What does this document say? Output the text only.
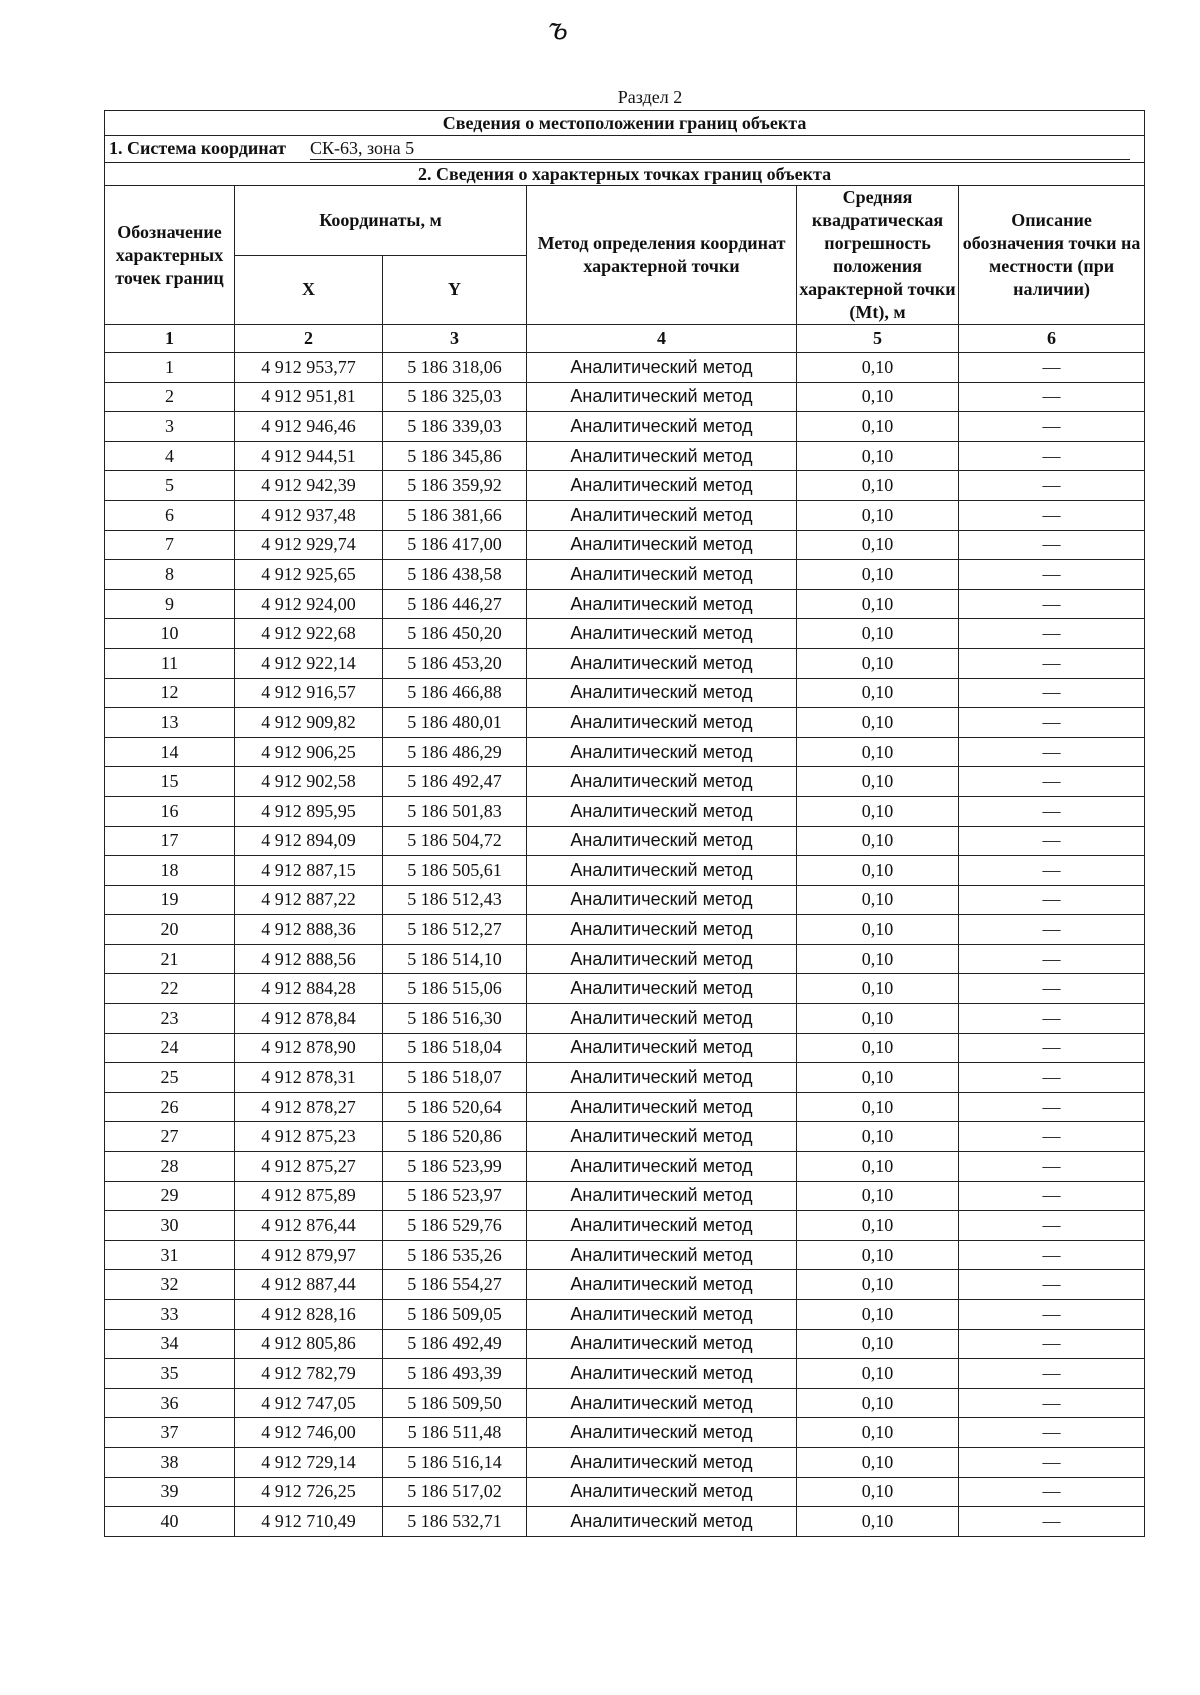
ъ
Раздел 2
Сведения о местоположении границ объекта					
1. Система координат СК-63, зона 5					
2. Сведения о характерных точках границ объекта					
Обозначение характерных точек границ	Координаты, м		Метод определения координат характерной точки	Средняя квадратическая погрешность положения характерной точки (Mt), м	Описание обозначения точки на местности (при наличии)
	X	Y			
1	2	3	4	5	6
1	4 912 953,77	5 186 318,06	Аналитический метод	0,10	—
2	4 912 951,81	5 186 325,03	Аналитический метод	0,10	—
3	4 912 946,46	5 186 339,03	Аналитический метод	0,10	—
4	4 912 944,51	5 186 345,86	Аналитический метод	0,10	—
5	4 912 942,39	5 186 359,92	Аналитический метод	0,10	—
6	4 912 937,48	5 186 381,66	Аналитический метод	0,10	—
7	4 912 929,74	5 186 417,00	Аналитический метод	0,10	—
8	4 912 925,65	5 186 438,58	Аналитический метод	0,10	—
9	4 912 924,00	5 186 446,27	Аналитический метод	0,10	—
10	4 912 922,68	5 186 450,20	Аналитический метод	0,10	—
11	4 912 922,14	5 186 453,20	Аналитический метод	0,10	—
12	4 912 916,57	5 186 466,88	Аналитический метод	0,10	—
13	4 912 909,82	5 186 480,01	Аналитический метод	0,10	—
14	4 912 906,25	5 186 486,29	Аналитический метод	0,10	—
15	4 912 902,58	5 186 492,47	Аналитический метод	0,10	—
16	4 912 895,95	5 186 501,83	Аналитический метод	0,10	—
17	4 912 894,09	5 186 504,72	Аналитический метод	0,10	—
18	4 912 887,15	5 186 505,61	Аналитический метод	0,10	—
19	4 912 887,22	5 186 512,43	Аналитический метод	0,10	—
20	4 912 888,36	5 186 512,27	Аналитический метод	0,10	—
21	4 912 888,56	5 186 514,10	Аналитический метод	0,10	—
22	4 912 884,28	5 186 515,06	Аналитический метод	0,10	—
23	4 912 878,84	5 186 516,30	Аналитический метод	0,10	—
24	4 912 878,90	5 186 518,04	Аналитический метод	0,10	—
25	4 912 878,31	5 186 518,07	Аналитический метод	0,10	—
26	4 912 878,27	5 186 520,64	Аналитический метод	0,10	—
27	4 912 875,23	5 186 520,86	Аналитический метод	0,10	—
28	4 912 875,27	5 186 523,99	Аналитический метод	0,10	—
29	4 912 875,89	5 186 523,97	Аналитический метод	0,10	—
30	4 912 876,44	5 186 529,76	Аналитический метод	0,10	—
31	4 912 879,97	5 186 535,26	Аналитический метод	0,10	—
32	4 912 887,44	5 186 554,27	Аналитический метод	0,10	—
33	4 912 828,16	5 186 509,05	Аналитический метод	0,10	—
34	4 912 805,86	5 186 492,49	Аналитический метод	0,10	—
35	4 912 782,79	5 186 493,39	Аналитический метод	0,10	—
36	4 912 747,05	5 186 509,50	Аналитический метод	0,10	—
37	4 912 746,00	5 186 511,48	Аналитический метод	0,10	—
38	4 912 729,14	5 186 516,14	Аналитический метод	0,10	—
39	4 912 726,25	5 186 517,02	Аналитический метод	0,10	—
40	4 912 710,49	5 186 532,71	Аналитический метод	0,10	—
